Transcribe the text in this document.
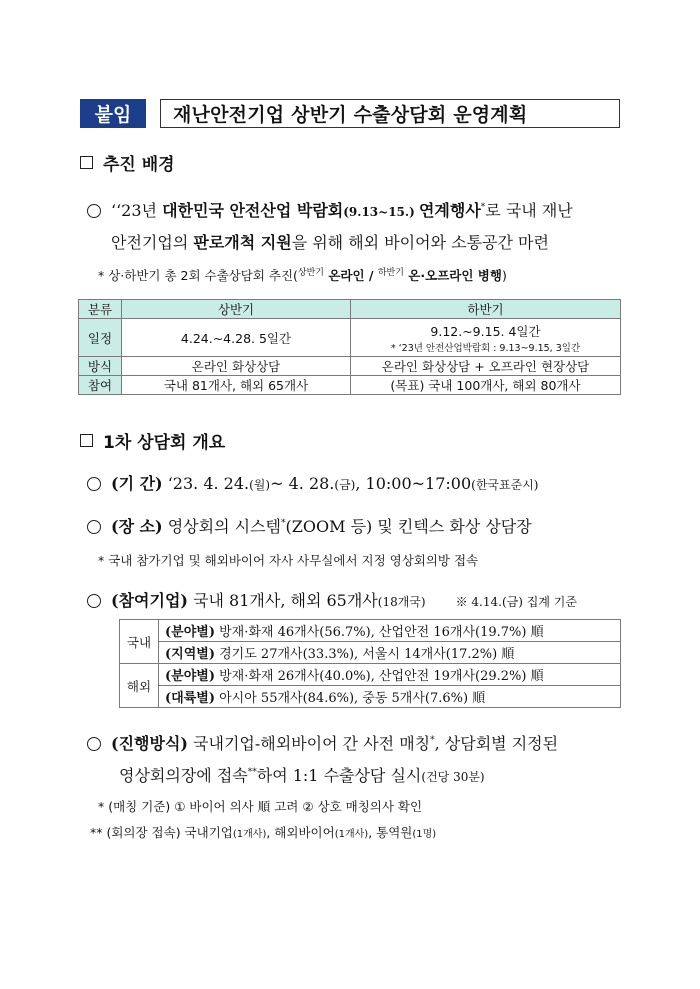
붙임	재난안전기업 상반기 수출상담회 운영계획
추진 배경
‘‘23년 대한민국 안전산업 박람회(9.13~15.) 연계행사*로 국내 재난
안전기업의 판로개척 지원을 위해 해외 바이어와 소통공간 마련
* 상·하반기 총 2회 수출상담회 추진($^{상반기}$ 온라인 / $^{하반기}$ 온·오프라인 병행)
분류	상반기	하반기
일정	4.24.~4.28. 5일간	9.12.~9.15. 4일간
* ‘23년 안전산업박람회 : 9.13~9.15, 3일간

방식	온라인 화상상담	온라인 화상상담 + 오프라인 현장상담
참여	국내 81개사, 해외 65개사	(목표) 국내 100개사, 해외 80개사
1차 상담회 개요
(기 간) ‘23. 4. 24.(월)~ 4. 28.(금), 10:00~17:00(한국표준시)
(장 소) 영상회의 시스템*(ZOOM 등) 및 킨텍스 화상 상담장
* 국내 참가기업 및 해외바이어 자사 사무실에서 지정 영상회의방 접속
(참여기업) 국내 81개사, 해외 65개사(18개국)	※ 4.14.(금) 집계 기준
국내	(분야별) 방재·화재 46개사(56.7%), 산업안전 16개사(19.7%) 順
	(지역별) 경기도 27개사(33.3%), 서울시 14개사(17.2%) 順
해외	(분야별) 방재·화재 26개사(40.0%), 산업안전 19개사(29.2%) 順
	(대륙별) 아시아 55개사(84.6%), 중동 5개사(7.6%) 順
(진행방식) 국내기업-해외바이어 간 사전 매칭*, 상담회별 지정된
영상회의장에 접속**하여 1:1 수출상담 실시(건당 30분)
* (매칭 기준) ① 바이어 의사 順 고려 ② 상호 매칭의사 확인
** (회의장 접속) 국내기업(1개사), 해외바이어(1개사), 통역원(1명)
